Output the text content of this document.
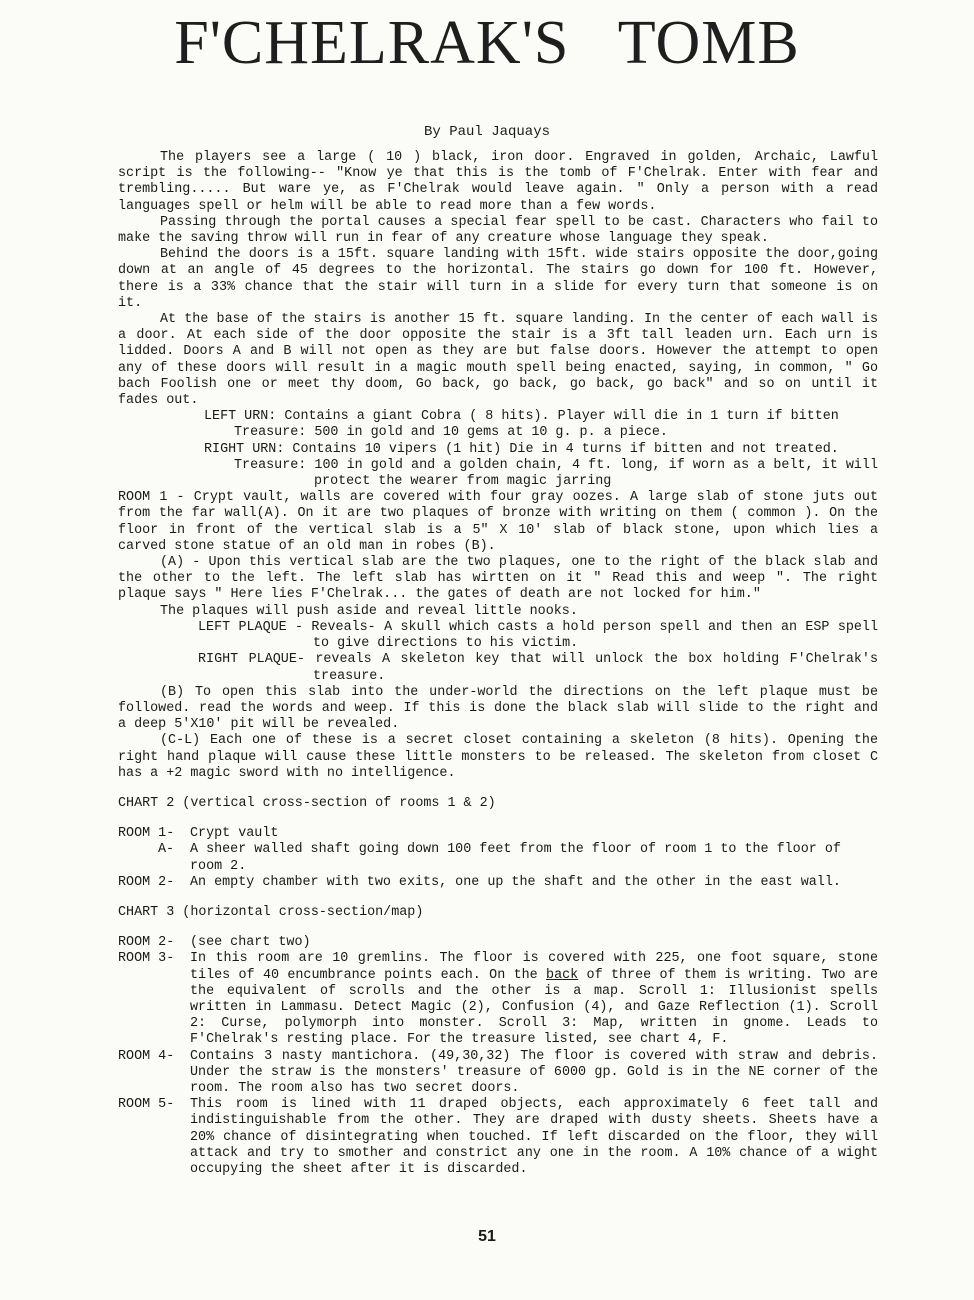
F'CHELRAK'S   TOMB
By Paul Jaquays

The players see a large ( 10 ) black, iron door. Engraved in golden, Archaic, Lawful script is the following-- "Know ye that this is the tomb of F'Chelrak. Enter with fear and trembling..... But ware ye, as F'Chelrak would leave again. " Only a person with a read languages spell or helm will be able to read more than a few words.

Passing through the portal causes a special fear spell to be cast. Characters who fail to make the saving throw will run in fear of any creature whose language they speak.

Behind the doors is a 15ft. square landing with 15ft. wide stairs opposite the door,going down at an angle of 45 degrees to the horizontal. The stairs go down for 100 ft. However, there is a 33% chance that the stair will turn in a slide for every turn that someone is on it.

At the base of the stairs is another 15 ft. square landing. In the center of each wall is a door. At each side of the door opposite the stair is a 3ft tall leaden urn. Each urn is lidded. Doors A and B will not open as they are but false doors. However the attempt to open any of these doors will result in a magic mouth spell being enacted, saying, in common, " Go bach Foolish one or meet thy doom, Go back, go back, go back, go back" and so on until it fades out.

LEFT URN: Contains a giant Cobra ( 8 hits). Player will die in 1 turn if bitten

Treasure: 500 in gold and 10 gems at 10 g. p. a piece.

RIGHT URN: Contains 10 vipers (1 hit) Die in 4 turns if bitten and not treated.

Treasure: 100 in gold and a golden chain, 4 ft. long, if worn as a belt, it will protect the wearer from magic jarring

ROOM 1 - Crypt vault, walls are covered with four gray oozes. A large slab of stone juts out from the far wall(A). On it are two plaques of bronze with writing on them ( common ). On the floor in front of the vertical slab is a 5" X 10' slab of black stone, upon which lies a carved stone statue of an old man in robes (B).

(A) - Upon this vertical slab are the two plaques, one to the right of the black slab and the other to the left. The left slab has wirtten on it " Read this and weep ". The right plaque says " Here lies F'Chelrak... the gates of death are not locked for him."

The plaques will push aside and reveal little nooks.

LEFT PLAQUE - Reveals- A skull which casts a hold person spell and then an ESP spell to give directions to his victim.

RIGHT PLAQUE- reveals A skeleton key that will unlock the box holding F'Chelrak's treasure.

(B) To open this slab into the under-world the directions on the left plaque must be followed. read the words and weep. If this is done the black slab will slide to the right and a deep 5'X10' pit will be revealed.

(C-L) Each one of these is a secret closet containing a skeleton (8 hits). Opening the right hand plaque will cause these little monsters to be released. The skeleton from closet C has a +2 magic sword with no intelligence.

CHART 2 (vertical cross-section of rooms 1 & 2)

ROOM 1-	Crypt vault
A-	A sheer walled shaft going down 100 feet from the floor of room 1 to the floor of room 2.
ROOM 2-	An empty chamber with two exits, one up the shaft and the other in the east wall.

CHART 3 (horizontal cross-section/map)

ROOM 2-	(see chart two)
ROOM 3-	In this room are 10 gremlins. The floor is covered with 225, one foot square, stone tiles of 40 encumbrance points each. On the back of three of them is writing. Two are the equivalent of scrolls and the other is a map. Scroll 1: Illusionist spells written in Lammasu. Detect Magic (2), Confusion (4), and Gaze Reflection (1). Scroll 2: Curse, polymorph into monster. Scroll 3: Map, written in gnome. Leads to F'Chelrak's resting place. For the treasure listed, see chart 4, F.
ROOM 4-	Contains 3 nasty mantichora. (49,30,32) The floor is covered with straw and debris. Under the straw is the monsters' treasure of 6000 gp. Gold is in the NE corner of the room. The room also has two secret doors.
ROOM 5-	This room is lined with 11 draped objects, each approximately 6 feet tall and indistinguishable from the other. They are draped with dusty sheets. Sheets have a 20% chance of disintegrating when touched. If left discarded on the floor, they will attack and try to smother and constrict any one in the room. A 10% chance of a wight occupying the sheet after it is discarded.
51
